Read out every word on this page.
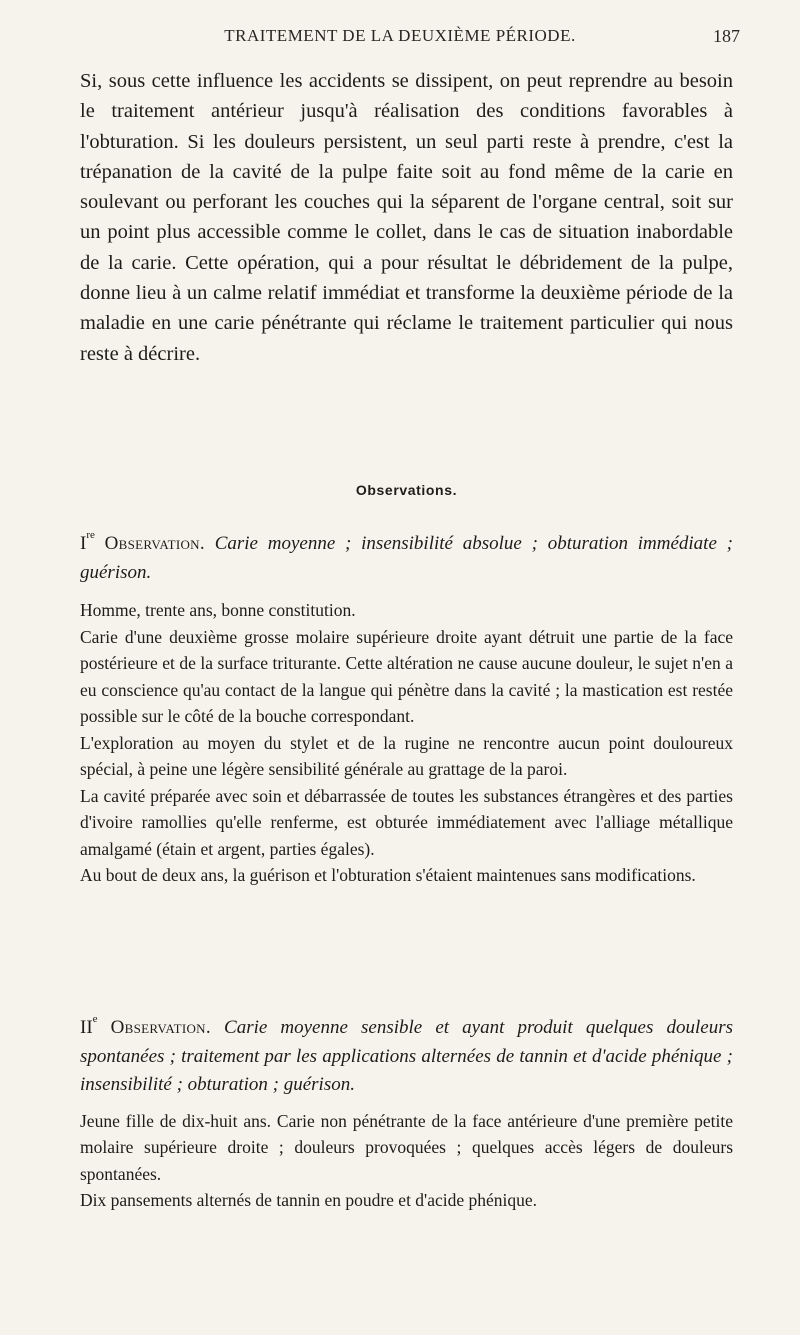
TRAITEMENT DE LA DEUXIÈME PÉRIODE.	187

Si, sous cette influence les accidents se dissipent, on peut reprendre au besoin le traitement antérieur jusqu'à réalisation des conditions favorables à l'obturation. Si les douleurs persistent, un seul parti reste à prendre, c'est la trépanation de la cavité de la pulpe faite soit au fond même de la carie en soulevant ou perforant les couches qui la séparent de l'organe central, soit sur un point plus accessible comme le collet, dans le cas de situation inabordable de la carie. Cette opération, qui a pour résultat le débridement de la pulpe, donne lieu à un calme relatif immédiat et transforme la deuxième période de la maladie en une carie pénétrante qui réclame le traitement particulier qui nous reste à décrire.

Observations.

Ire Observation. Carie moyenne ; insensibilité absolue ; obturation immédiate ; guérison.

Homme, trente ans, bonne constitution.

Carie d'une deuxième grosse molaire supérieure droite ayant détruit une partie de la face postérieure et de la surface triturante. Cette altération ne cause aucune douleur, le sujet n'en a eu conscience qu'au contact de la langue qui pénètre dans la cavité ; la mastication est restée possible sur le côté de la bouche correspondant.

L'exploration au moyen du stylet et de la rugine ne rencontre aucun point douloureux spécial, à peine une légère sensibilité générale au grattage de la paroi.

La cavité préparée avec soin et débarrassée de toutes les substances étrangères et des parties d'ivoire ramollies qu'elle renferme, est obturée immédiatement avec l'alliage métallique amalgamé (étain et argent, parties égales).

Au bout de deux ans, la guérison et l'obturation s'étaient maintenues sans modifications.

IIe Observation. Carie moyenne sensible et ayant produit quelques douleurs spontanées ; traitement par les applications alternées de tannin et d'acide phénique ; insensibilité ; obturation ; guérison.

Jeune fille de dix-huit ans. Carie non pénétrante de la face antérieure d'une première petite molaire supérieure droite ; douleurs provoquées ; quelques accès légers de douleurs spontanées.

Dix pansements alternés de tannin en poudre et d'acide phénique.
